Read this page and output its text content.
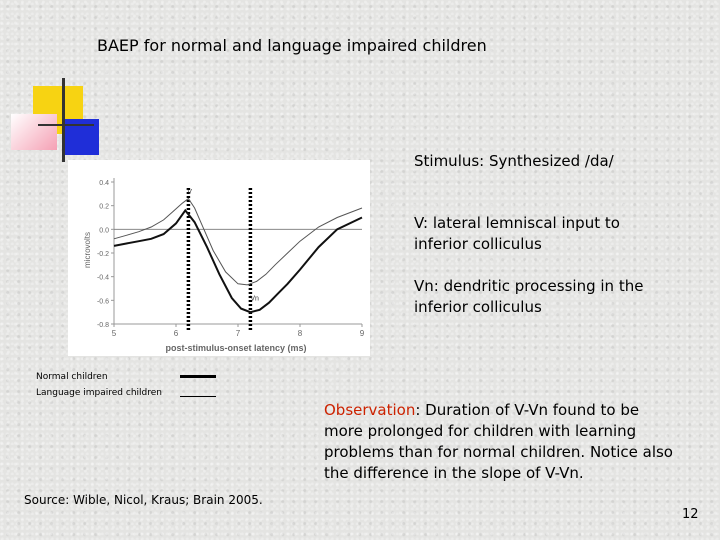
BAEP for normal and language impaired children
0.4
0.2
0.0
-0.2
-0.4
-0.6
-0.8
5	6	7	8	9
V
Vn
post-stimulus-onset latency (ms)
microvolts
Stimulus: Synthesized /da/
V: lateral lemniscal input to inferior colliculus
Vn: dendritic processing in the inferior colliculus
Normal children
Language impaired children
Observation: Duration of V-Vn found to be more prolonged for children with learning problems than for normal children. Notice also the difference in the slope of V-Vn.
Source: Wible, Nicol, Kraus; Brain 2005.
12
